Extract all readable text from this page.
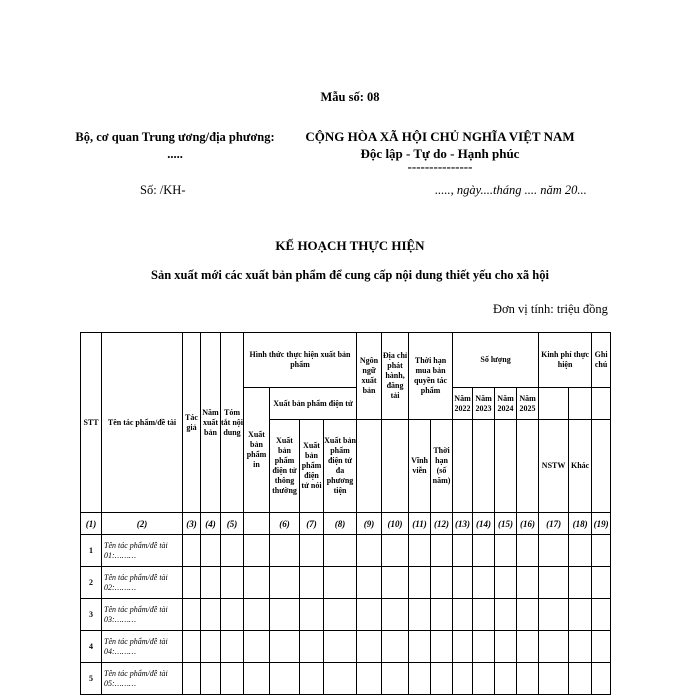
Mẫu số: 08
Bộ, cơ quan Trung ương/địa phương: .....
CỘNG HÒA XÃ HỘI CHỦ NGHĨA VIỆT NAM
Độc lập - Tự do - Hạnh phúc
---------------
Số: /KH-	....., ngày....tháng .... năm 20...
KẾ HOẠCH THỰC HIỆN
Sản xuất mới các xuất bản phẩm để cung cấp nội dung thiết yếu cho xã hội
Đơn vị tính: triệu đồng
STT	Tên tác phẩm/đề tài	Tác giả	Năm xuất bản	Tóm tắt nội dung	Hình thức thực hiện xuất bản phẩm				Ngôn ngữ xuất bản	Địa chỉ phát hành, đăng tải	Thời hạn mua bản quyền tác phẩm		Số lượng				Kinh phí thực hiện		Ghi chú
					Xuất bản phẩm in	Xuất bản phẩm điện tử							Năm 2022	Năm 2023	Năm 2024	Năm 2025			
						Xuất bản phẩm điện tử thông thường	Xuất bản phẩm điện tử nói	Xuất bản phẩm điện tử đa phương tiện			Vĩnh viễn	Thời hạn (số năm)					NSTW	Khác	
(1)	(2)	(3)	(4)	(5)		(6)	(7)	(8)	(9)	(10)	(11)	(12)	(13)	(14)	(15)	(16)	(17)	(18)	(19)
1	Tên tác phẩm/đề tài 01:………																		
2	Tên tác phẩm/đề tài 02:………																		
3	Tên tác phẩm/đề tài 03:………																		
4	Tên tác phẩm/đề tài 04:………																		
5	Tên tác phẩm/đề tài 05:………																		
